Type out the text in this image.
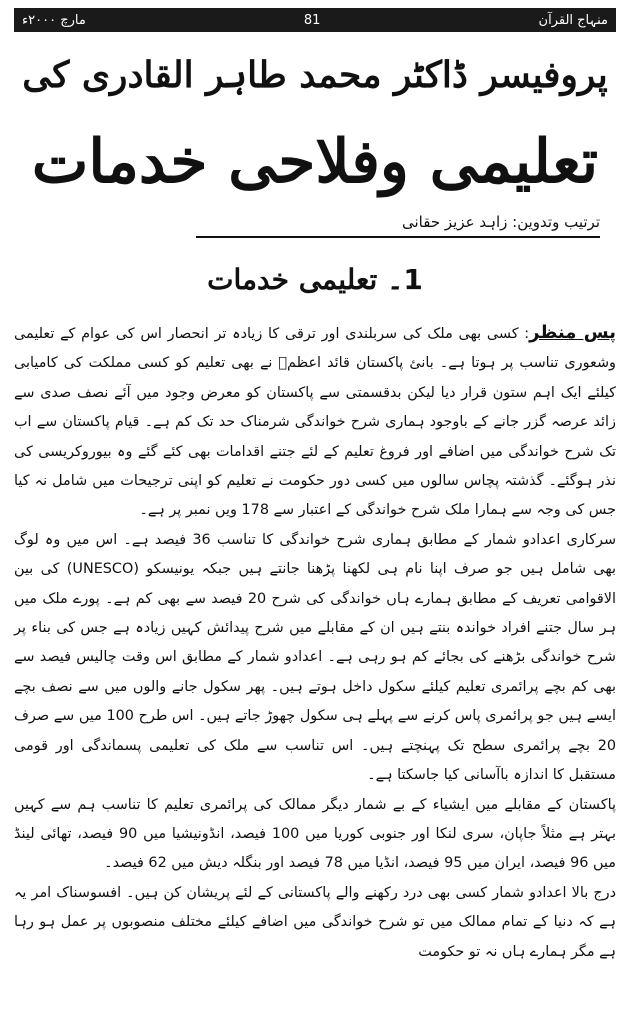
منہاج القرآن
81
مارچ ۲۰۰۰ء
پروفیسر ڈاکٹر محمد طاہر القادری کی
تعلیمی وفلاحی خدمات
ترتیب وتدوین: زاہد عزیز حقانی
1۔ تعلیمی خدمات

پس منظر: کسی بھی ملک کی سربلندی اور ترقی کا زیادہ تر انحصار اس کی عوام کے تعلیمی وشعوری تناسب پر ہوتا ہے۔ بانئ پاکستان قائد اعظمؒ نے بھی تعلیم کو کسی مملکت کی کامیابی کیلئے ایک اہم ستون قرار دیا لیکن بدقسمتی سے پاکستان کو معرض وجود میں آئے نصف صدی سے زائد عرصہ گزر جانے کے باوجود ہماری شرح خواندگی شرمناک حد تک کم ہے۔ قیام پاکستان سے اب تک شرح خواندگی میں اضافے اور فروغ تعلیم کے لئے جتنے اقدامات بھی کئے گئے وہ بیوروکریسی کی نذر ہوگئے۔ گذشتہ پچاس سالوں میں کسی دور حکومت نے تعلیم کو اپنی ترجیحات میں شامل نہ کیا جس کی وجہ سے ہمارا ملک شرح خواندگی کے اعتبار سے 178 ویں نمبر پر ہے۔

سرکاری اعدادو شمار کے مطابق ہماری شرح خواندگی کا تناسب 36 فیصد ہے۔ اس میں وہ لوگ بھی شامل ہیں جو صرف اپنا نام ہی لکھنا پڑھنا جانتے ہیں جبکہ یونیسکو (UNESCO) کی بین الاقوامی تعریف کے مطابق ہمارے ہاں خواندگی کی شرح 20 فیصد سے بھی کم ہے۔ پورے ملک میں ہر سال جتنے افراد خواندہ بنتے ہیں ان کے مقابلے میں شرح پیدائش کہیں زیادہ ہے جس کی بناء پر شرح خواندگی بڑھنے کی بجائے کم ہو رہی ہے۔ اعدادو شمار کے مطابق اس وقت چالیس فیصد سے بھی کم بچے پرائمری تعلیم کیلئے سکول داخل ہوتے ہیں۔ پھر سکول جانے والوں میں سے نصف بچے ایسے ہیں جو پرائمری پاس کرنے سے پہلے ہی سکول چھوڑ جاتے ہیں۔ اس طرح 100 میں سے صرف 20 بچے پرائمری سطح تک پہنچتے ہیں۔ اس تناسب سے ملک کی تعلیمی پسماندگی اور قومی مستقبل کا اندازہ باآسانی کیا جاسکتا ہے۔

پاکستان کے مقابلے میں ایشیاء کے بے شمار دیگر ممالک کی پرائمری تعلیم کا تناسب ہم سے کہیں بہتر ہے مثلاً جاپان، سری لنکا اور جنوبی کوریا میں 100 فیصد، انڈونیشیا میں 90 فیصد، تھائی لینڈ میں 96 فیصد، ایران میں 95 فیصد، انڈیا میں 78 فیصد اور بنگلہ دیش میں 62 فیصد۔

درج بالا اعدادو شمار کسی بھی درد رکھنے والے پاکستانی کے لئے پریشان کن ہیں۔ افسوسناک امر یہ ہے کہ دنیا کے تمام ممالک میں تو شرح خواندگی میں اضافے کیلئے مختلف منصوبوں پر عمل ہو رہا ہے مگر ہمارے ہاں نہ تو حکومت
